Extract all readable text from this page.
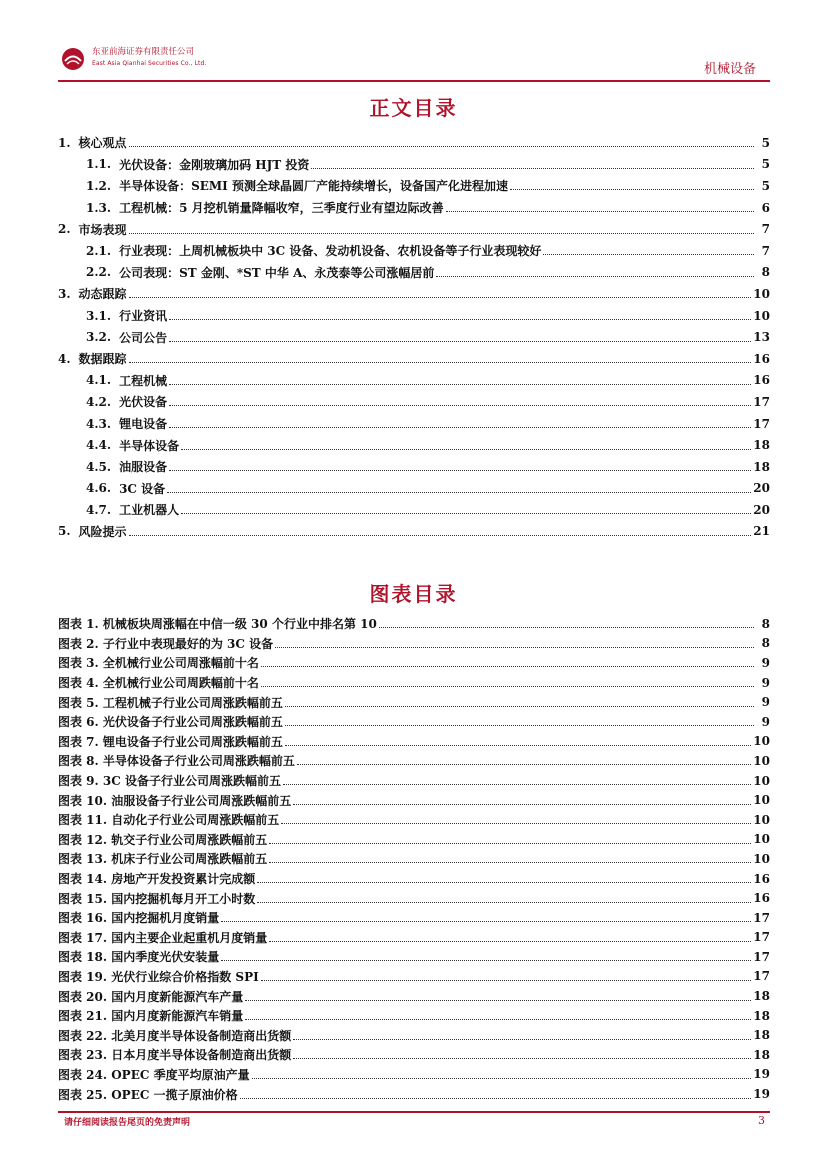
东亚前海证券有限责任公司
East Asia Qianhai Securities Co., Ltd.	机械设备
正文目录
1. 核心观点	5
1.1. 光伏设备：金刚玻璃加码 HJT 投资	5
1.2. 半导体设备：SEMI 预测全球晶圆厂产能持续增长，设备国产化进程加速	5
1.3. 工程机械：5 月挖机销量降幅收窄，三季度行业有望边际改善	6
2. 市场表现	7
2.1. 行业表现：上周机械板块中 3C 设备、发动机设备、农机设备等子行业表现较好	7
2.2. 公司表现：ST 金刚、*ST 中华 A、永茂泰等公司涨幅居前	8
3. 动态跟踪	10
3.1. 行业资讯	10
3.2. 公司公告	13
4. 数据跟踪	16
4.1. 工程机械	16
4.2. 光伏设备	17
4.3. 锂电设备	17
4.4. 半导体设备	18
4.5. 油服设备	18
4.6. 3C 设备	20
4.7. 工业机器人	20
5. 风险提示	21
图表目录
图表 1. 机械板块周涨幅在中信一级 30 个行业中排名第 10	8
图表 2. 子行业中表现最好的为 3C 设备	8
图表 3. 全机械行业公司周涨幅前十名	9
图表 4. 全机械行业公司周跌幅前十名	9
图表 5. 工程机械子行业公司周涨跌幅前五	9
图表 6. 光伏设备子行业公司周涨跌幅前五	9
图表 7. 锂电设备子行业公司周涨跌幅前五	10
图表 8. 半导体设备子行业公司周涨跌幅前五	10
图表 9. 3C 设备子行业公司周涨跌幅前五	10
图表 10. 油服设备子行业公司周涨跌幅前五	10
图表 11. 自动化子行业公司周涨跌幅前五	10
图表 12. 轨交子行业公司周涨跌幅前五	10
图表 13. 机床子行业公司周涨跌幅前五	10
图表 14. 房地产开发投资累计完成额	16
图表 15. 国内挖掘机每月开工小时数	16
图表 16. 国内挖掘机月度销量	17
图表 17. 国内主要企业起重机月度销量	17
图表 18. 国内季度光伏安装量	17
图表 19. 光伏行业综合价格指数 SPI	17
图表 20. 国内月度新能源汽车产量	18
图表 21. 国内月度新能源汽车销量	18
图表 22. 北美月度半导体设备制造商出货额	18
图表 23. 日本月度半导体设备制造商出货额	18
图表 24. OPEC 季度平均原油产量	19
图表 25. OPEC 一揽子原油价格	19
请仔细阅读报告尾页的免责声明	3
